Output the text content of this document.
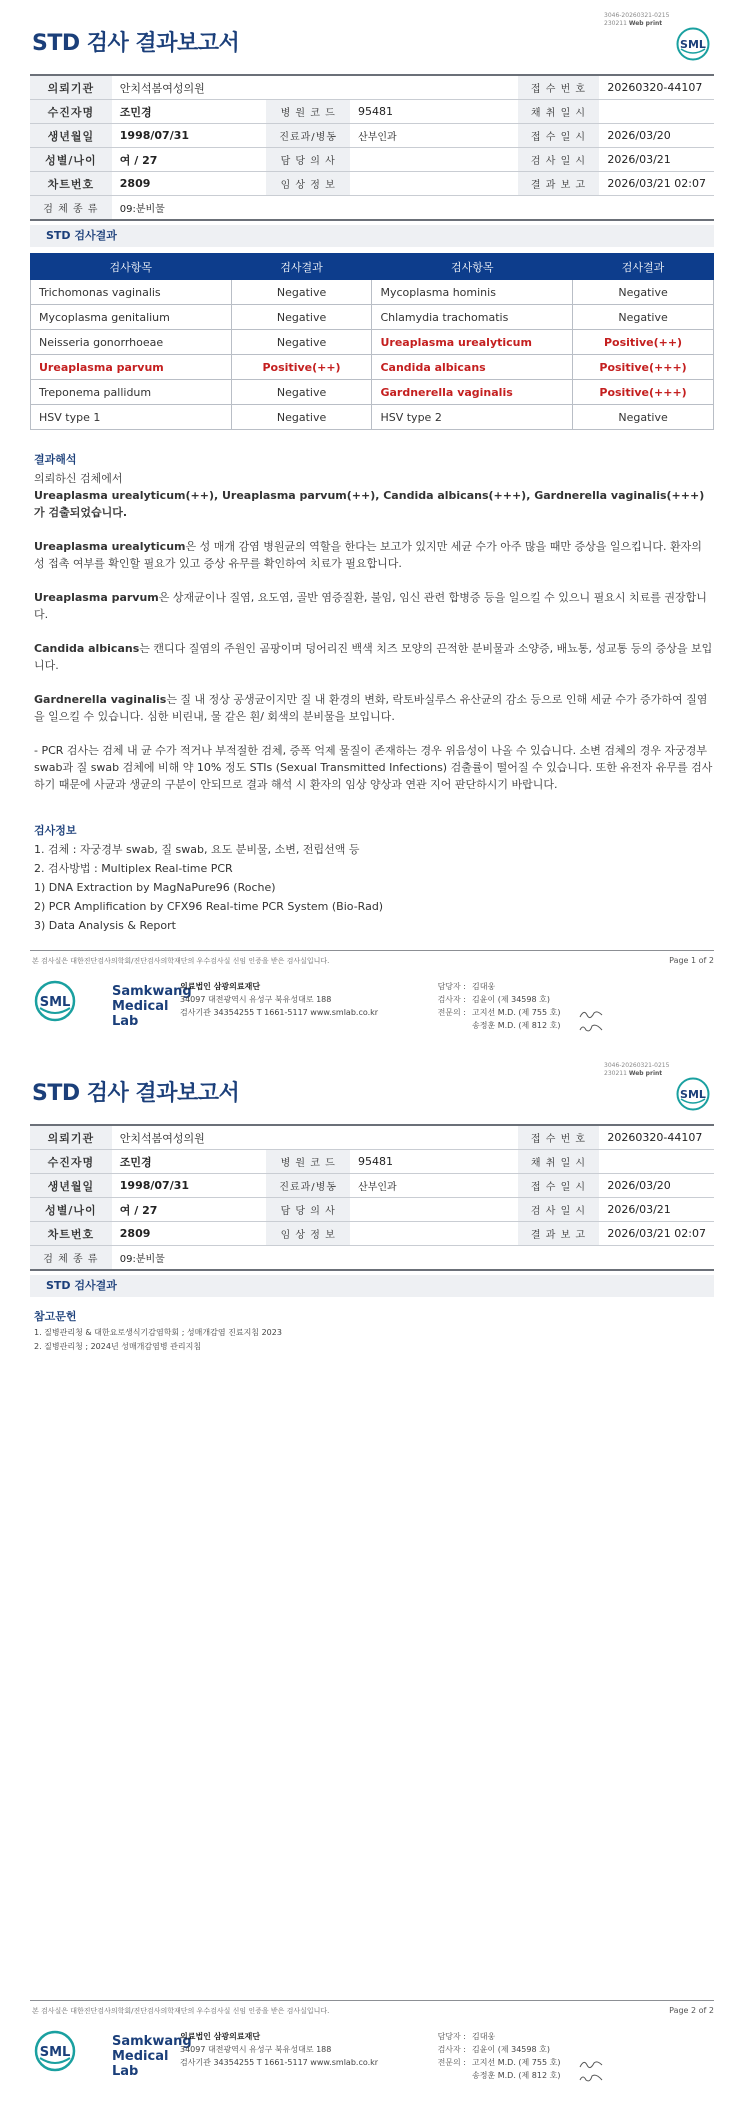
3046-20260321-0215
230211 Web print
STD 검사 결과보고서	SML
의뢰기관	안치석봄여성의원			접 수 번 호	20260320-44107
수진자명	조민경	병 원 코 드	95481	채 취 일 시	
생년월일	1998/07/31	진료과/병동	산부인과	접 수 일 시	2026/03/20
성별/나이	여 / 27	담 당 의 사		검 사 일 시	2026/03/21
차트번호	2809	임 상 정 보		결 과 보 고	2026/03/21 02:07
검 체 종 류	09:분비물				
STD 검사결과
검사항목	검사결과	검사항목	검사결과
Trichomonas vaginalis	Negative	Mycoplasma hominis	Negative
Mycoplasma genitalium	Negative	Chlamydia trachomatis	Negative
Neisseria gonorrhoeae	Negative	Ureaplasma urealyticum	Positive(++)
Ureaplasma parvum	Positive(++)	Candida albicans	Positive(+++)
Treponema pallidum	Negative	Gardnerella vaginalis	Positive(+++)
HSV type 1	Negative	HSV type 2	Negative
결과해석

의뢰하신 검체에서

Ureaplasma urealyticum(++), Ureaplasma parvum(++), Candida albicans(+++), Gardnerella vaginalis(+++)가 검출되었습니다.

Ureaplasma urealyticum은 성 매개 감염 병원균의 역할을 한다는 보고가 있지만 세균 수가 아주 많을 때만 증상을 일으킵니다. 환자의 성 접촉 여부를 확인할 필요가 있고 증상 유무를 확인하여 치료가 필요합니다.

Ureaplasma parvum은 상재균이나 질염, 요도염, 골반 염증질환, 불임, 임신 관련 합병증 등을 일으킬 수 있으니 필요시 치료를 권장합니다.

Candida albicans는 캔디다 질염의 주원인 곰팡이며 덩어리진 백색 치즈 모양의 끈적한 분비물과 소양증, 배뇨통, 성교통 등의 증상을 보입니다.

Gardnerella vaginalis는 질 내 정상 공생균이지만 질 내 환경의 변화, 락토바실루스 유산균의 감소 등으로 인해 세균 수가 증가하여 질염을 일으킬 수 있습니다. 심한 비린내, 물 같은 흰/ 회색의 분비물을 보입니다.

- PCR 검사는 검체 내 균 수가 적거나 부적절한 검체, 증폭 억제 물질이 존재하는 경우 위음성이 나올 수 있습니다. 소변 검체의 경우 자궁경부 swab과 질 swab 검체에 비해 약 10% 정도 STIs (Sexual Transmitted Infections) 검출률이 떨어질 수 있습니다. 또한 유전자 유무를 검사하기 때문에 사균과 생균의 구분이 안되므로 결과 해석 시 환자의 임상 양상과 연관 지어 판단하시기 바랍니다.

검사정보
1. 검체 : 자궁경부 swab, 질 swab, 요도 분비물, 소변, 전립선액 등
2. 검사방법 : Multiplex Real-time PCR
1) DNA Extraction by MagNaPure96 (Roche)
2) PCR Amplification by CFX96 Real-time PCR System (Bio-Rad)
3) Data Analysis & Report
본 검사실은 대한진단검사의학회/진단검사의학재단의 우수검사실 신임 인증을 받은 검사실입니다.	Page 1 of 2
SML
Samkwang
Medical Lab
의료법인 삼광의료재단
34097 대전광역시 유성구 북유성대로 188
검사기관 34354255 T 1661-5117 www.smlab.co.kr
담당자 : 김대웅
검사자 : 김윤이 (제 34598 호)
전문의 : 고지선 M.D. (제 755 호)
송정훈 M.D. (제 812 호)
3046-20260321-0215
230211 Web print
STD 검사 결과보고서	SML
의뢰기관	안치석봄여성의원			접 수 번 호	20260320-44107
수진자명	조민경	병 원 코 드	95481	채 취 일 시	
생년월일	1998/07/31	진료과/병동	산부인과	접 수 일 시	2026/03/20
성별/나이	여 / 27	담 당 의 사		검 사 일 시	2026/03/21
차트번호	2809	임 상 정 보		결 과 보 고	2026/03/21 02:07
검 체 종 류	09:분비물				
STD 검사결과
참고문헌
1. 질병관리청 & 대한요로생식기감염학회 ; 성매개감염 진료지침 2023
2. 질병관리청 ; 2024년 성매개감염병 관리지침
본 검사실은 대한진단검사의학회/진단검사의학재단의 우수검사실 신임 인증을 받은 검사실입니다.	Page 2 of 2
SML
Samkwang
Medical Lab
의료법인 삼광의료재단
34097 대전광역시 유성구 북유성대로 188
검사기관 34354255 T 1661-5117 www.smlab.co.kr
담당자 : 김대웅
검사자 : 김윤이 (제 34598 호)
전문의 : 고지선 M.D. (제 755 호)
송정훈 M.D. (제 812 호)
